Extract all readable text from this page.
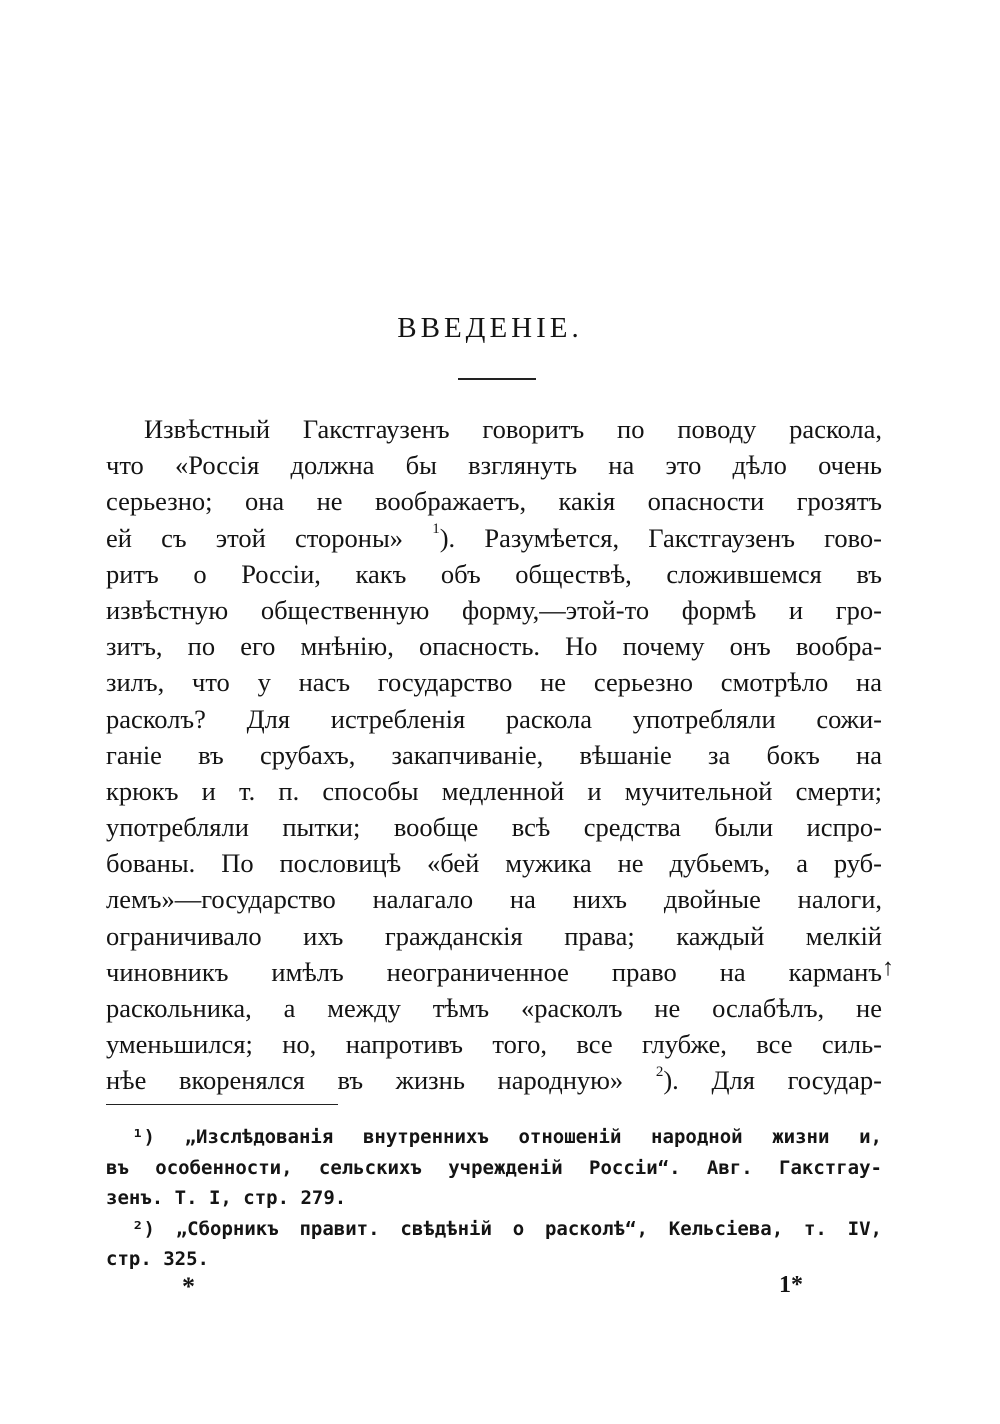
ВВЕДЕНІЕ.
Извѣстный Гакстгаузенъ говоритъ по поводу раскола,
что «Россія должна бы взглянуть на это дѣло очень
серьезно; она не воображаетъ, какія опасности грозятъ
ей съ этой стороны» $^1$). Разумѣется, Гакстгаузенъ гово-
ритъ о Россіи, какъ объ обществѣ, сложившемся въ
извѣстную общественную форму,—этой-то формѣ и гро-
зитъ, по его мнѣнію, опасность. Но почему онъ вообра-
зилъ, что у насъ государство не серьезно смотрѣло на
расколъ? Для истребленія раскола употребляли сожи-
ганіе въ срубахъ, закапчиваніе, вѣшаніе за бокъ на
крюкъ и т. п. способы медленной и мучительной смерти;
употребляли пытки; вообще всѣ средства были испро-
бованы. По пословицѣ «бей мужика не дубьемъ, а руб-
лемъ»—государство налагало на нихъ двойные налоги,
ограничивало ихъ гражданскія права; каждый мелкій
чиновникъ имѣлъ неограниченное право на карманъ
раскольника, а между тѣмъ «расколъ не ослабѣлъ, не
уменьшился; но, напротивъ того, все глубже, все силь-
нѣе вкоренялся въ жизнь народную» $^2$). Для государ-
↑
¹) „Изслѣдованія внутреннихъ отношеній народной жизни и,
въ особенности, сельскихъ учрежденій Россіи“. Авг. Гакстгау-
зенъ. Т. I, стр. 279.
²) „Сборникъ правит. свѣдѣній о расколѣ“, Кельсіева, т. IV,
стр. 325.
*	1*
